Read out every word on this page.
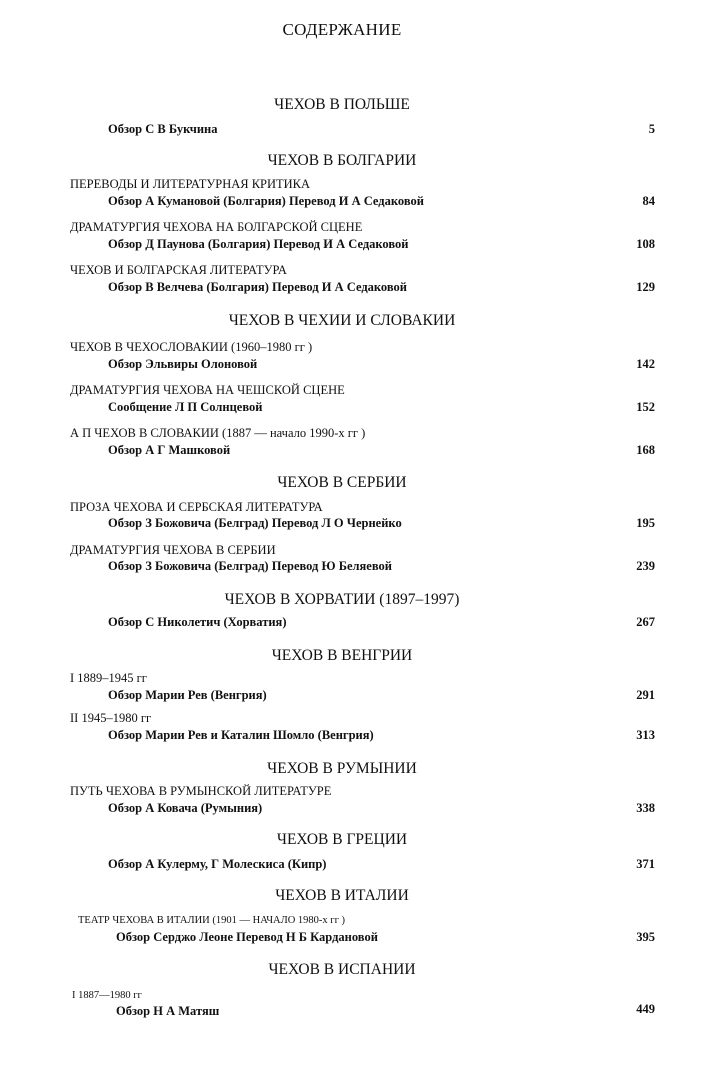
СОДЕРЖАНИЕ
ЧЕХОВ В ПОЛЬШЕ
Обзор С В Букчина	5
ЧЕХОВ В БОЛГАРИИ
ПЕРЕВОДЫ И ЛИТЕРАТУРНАЯ КРИТИКА
Обзор А Кумановой (Болгария) Перевод И А Седаковой	84
ДРАМАТУРГИЯ ЧЕХОВА НА БОЛГАРСКОЙ СЦЕНЕ
Обзор Д Паунова (Болгария) Перевод И А Седаковой	108
ЧЕХОВ И БОЛГАРСКАЯ ЛИТЕРАТУРА
Обзор В Велчева (Болгария) Перевод И А Седаковой	129
ЧЕХОВ В ЧЕХИИ И СЛОВАКИИ
ЧЕХОВ В ЧЕХОСЛОВАКИИ (1960–1980 гг )
Обзор Эльвиры Олоновой	142
ДРАМАТУРГИЯ ЧЕХОВА НА ЧЕШСКОЙ СЦЕНЕ
Сообщение Л П Солнцевой	152
А П ЧЕХОВ В СЛОВАКИИ (1887 — начало 1990-х гг )
Обзор А Г Машковой	168
ЧЕХОВ В СЕРБИИ
ПРОЗА ЧЕХОВА И СЕРБСКАЯ ЛИТЕРАТУРА
Обзор З Божовича (Белград) Перевод Л О Чернейко	195
ДРАМАТУРГИЯ ЧЕХОВА В СЕРБИИ
Обзор З Божовича (Белград) Перевод Ю Беляевой	239
ЧЕХОВ В ХОРВАТИИ (1897–1997)
Обзор С Николетич (Хорватия)	267
ЧЕХОВ В ВЕНГРИИ
I 1889–1945 гг
Обзор Марии Рев (Венгрия)	291
II 1945–1980 гг
Обзор Марии Рев и Каталин Шомло (Венгрия)	313
ЧЕХОВ В РУМЫНИИ
ПУТЬ ЧЕХОВА В РУМЫНСКОЙ ЛИТЕРАТУРЕ
Обзор А Ковача (Румыния)	338
ЧЕХОВ В ГРЕЦИИ
Обзор А Кулерму, Г Молескиса (Кипр)	371
ЧЕХОВ В ИТАЛИИ
ТЕАТР ЧЕХОВА В ИТАЛИИ (1901 — НАЧАЛО 1980-х гг )
Обзор Серджо Леоне Перевод Н Б Кардановой	395
ЧЕХОВ В ИСПАНИИ
I 1887—1980 гг
Обзор Н А Матяш	449
